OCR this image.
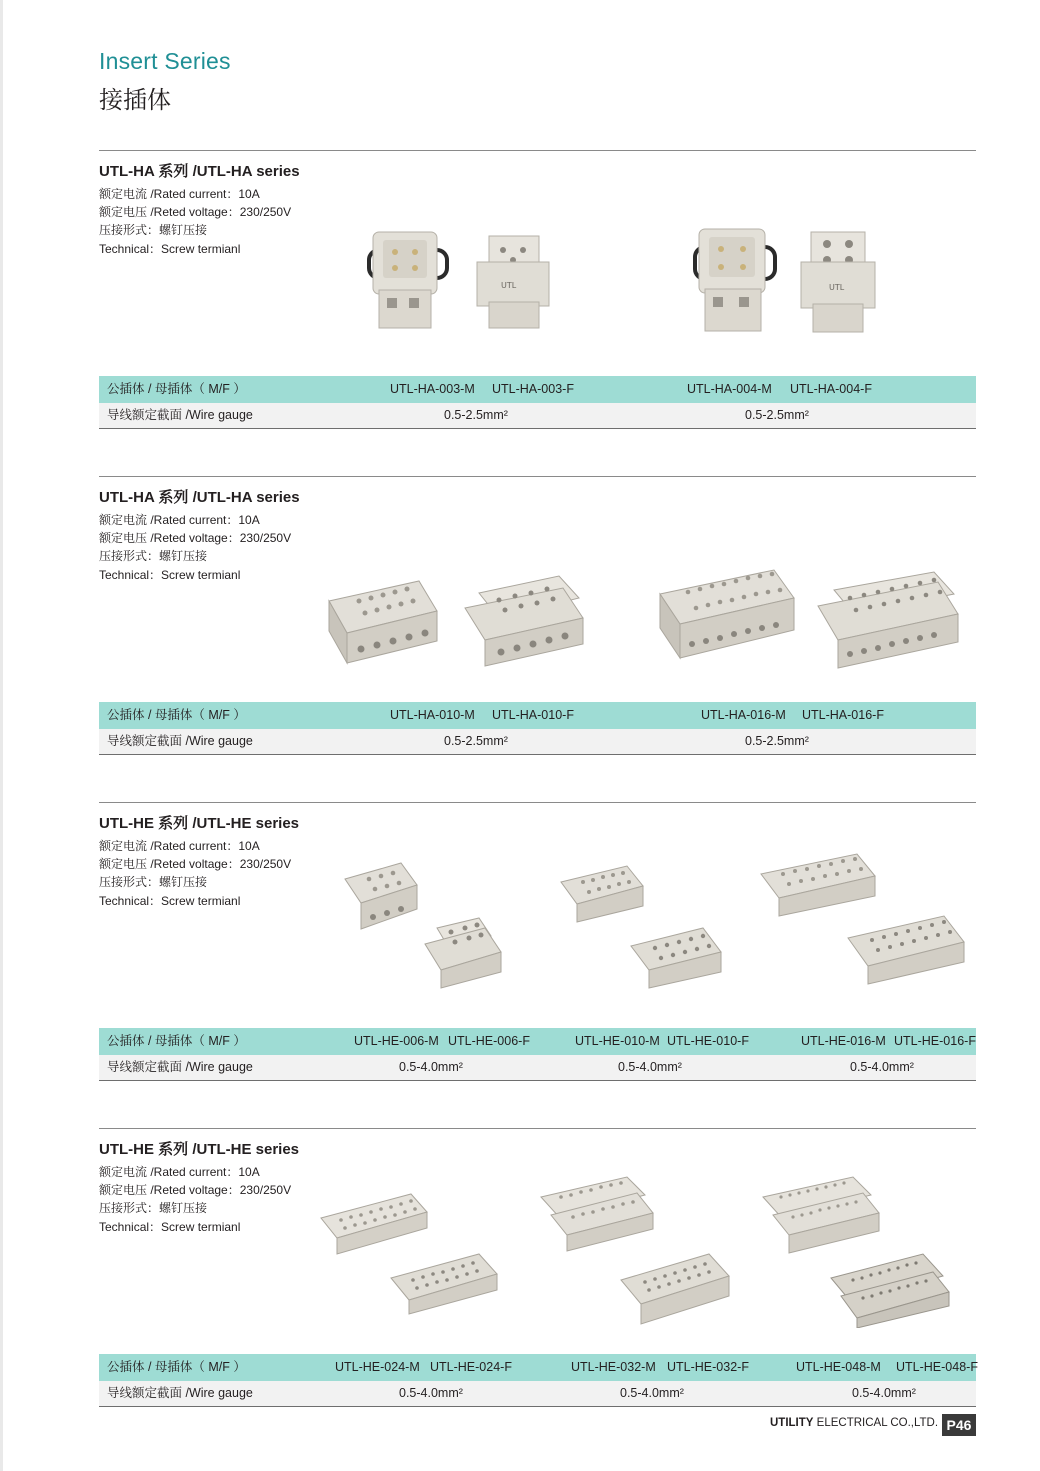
Insert Series
接插体
UTL-HA 系列 /UTL-HA series
额定电流 /Rated current：10A
额定电压 /Reted voltage：230/250V
压接形式：螺钉压接
Technical：Screw termianl
UTL	UTL
公插体 / 母插体（ M/F ）	UTL-HA-003-M UTL-HA-003-F	UTL-HA-004-M UTL-HA-004-F
导线额定截面 /Wire gauge	0.5-2.5mm²	0.5-2.5mm²
UTL-HA 系列 /UTL-HA series
额定电流 /Rated current：10A
额定电压 /Reted voltage：230/250V
压接形式：螺钉压接
Technical：Screw termianl
公插体 / 母插体（ M/F ）	UTL-HA-010-M UTL-HA-010-F	UTL-HA-016-M UTL-HA-016-F
导线额定截面 /Wire gauge	0.5-2.5mm²	0.5-2.5mm²
UTL-HE 系列 /UTL-HE series
额定电流 /Rated current：10A
额定电压 /Reted voltage：230/250V
压接形式：螺钉压接
Technical：Screw termianl
公插体 / 母插体（ M/F ）	UTL-HE-006-M UTL-HE-006-F	UTL-HE-010-M UTL-HE-010-F	UTL-HE-016-M UTL-HE-016-F
导线额定截面 /Wire gauge	0.5-4.0mm²	0.5-4.0mm²	0.5-4.0mm²
UTL-HE 系列 /UTL-HE series
额定电流 /Rated current：10A
额定电压 /Reted voltage：230/250V
压接形式：螺钉压接
Technical：Screw termianl
公插体 / 母插体（ M/F ）	UTL-HE-024-M UTL-HE-024-F	UTL-HE-032-M UTL-HE-032-F	UTL-HE-048-M UTL-HE-048-F
导线额定截面 /Wire gauge	0.5-4.0mm²	0.5-4.0mm²	0.5-4.0mm²
UTILITY ELECTRICAL CO.,LTD. P46
